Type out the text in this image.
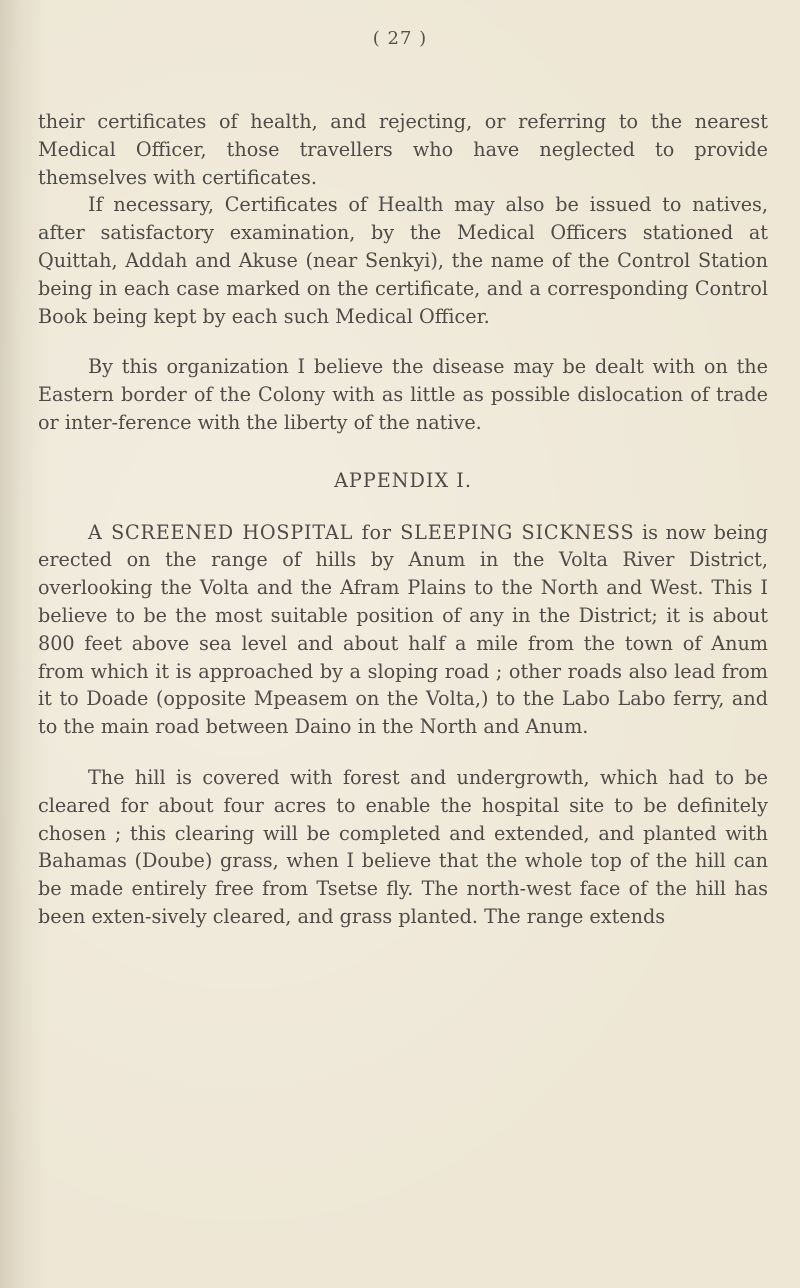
( 27 )

their certificates of health, and rejecting, or referring to the nearest Medical Officer, those travellers who have neglected to provide themselves with certificates.

If necessary, Certificates of Health may also be issued to natives, after satisfactory examination, by the Medical Officers stationed at Quittah, Addah and Akuse (near Senkyi), the name of the Control Station being in each case marked on the certificate, and a corresponding Control Book being kept by each such Medical Officer.

By this organization I believe the disease may be dealt with on the Eastern border of the Colony with as little as possible dislocation of trade or inter-ference with the liberty of the native.

APPENDIX I.

A SCREENED HOSPITAL for SLEEPING SICKNESS is now being erected on the range of hills by Anum in the Volta River District, overlooking the Volta and the Afram Plains to the North and West. This I believe to be the most suitable position of any in the District; it is about 800 feet above sea level and about half a mile from the town of Anum from which it is approached by a sloping road ; other roads also lead from it to Doade (opposite Mpeasem on the Volta,) to the Labo Labo ferry, and to the main road between Daino in the North and Anum.

The hill is covered with forest and undergrowth, which had to be cleared for about four acres to enable the hospital site to be definitely chosen ; this clearing will be completed and extended, and planted with Bahamas (Doube) grass, when I believe that the whole top of the hill can be made entirely free from Tsetse fly. The north-west face of the hill has been exten-sively cleared, and grass planted. The range extends
